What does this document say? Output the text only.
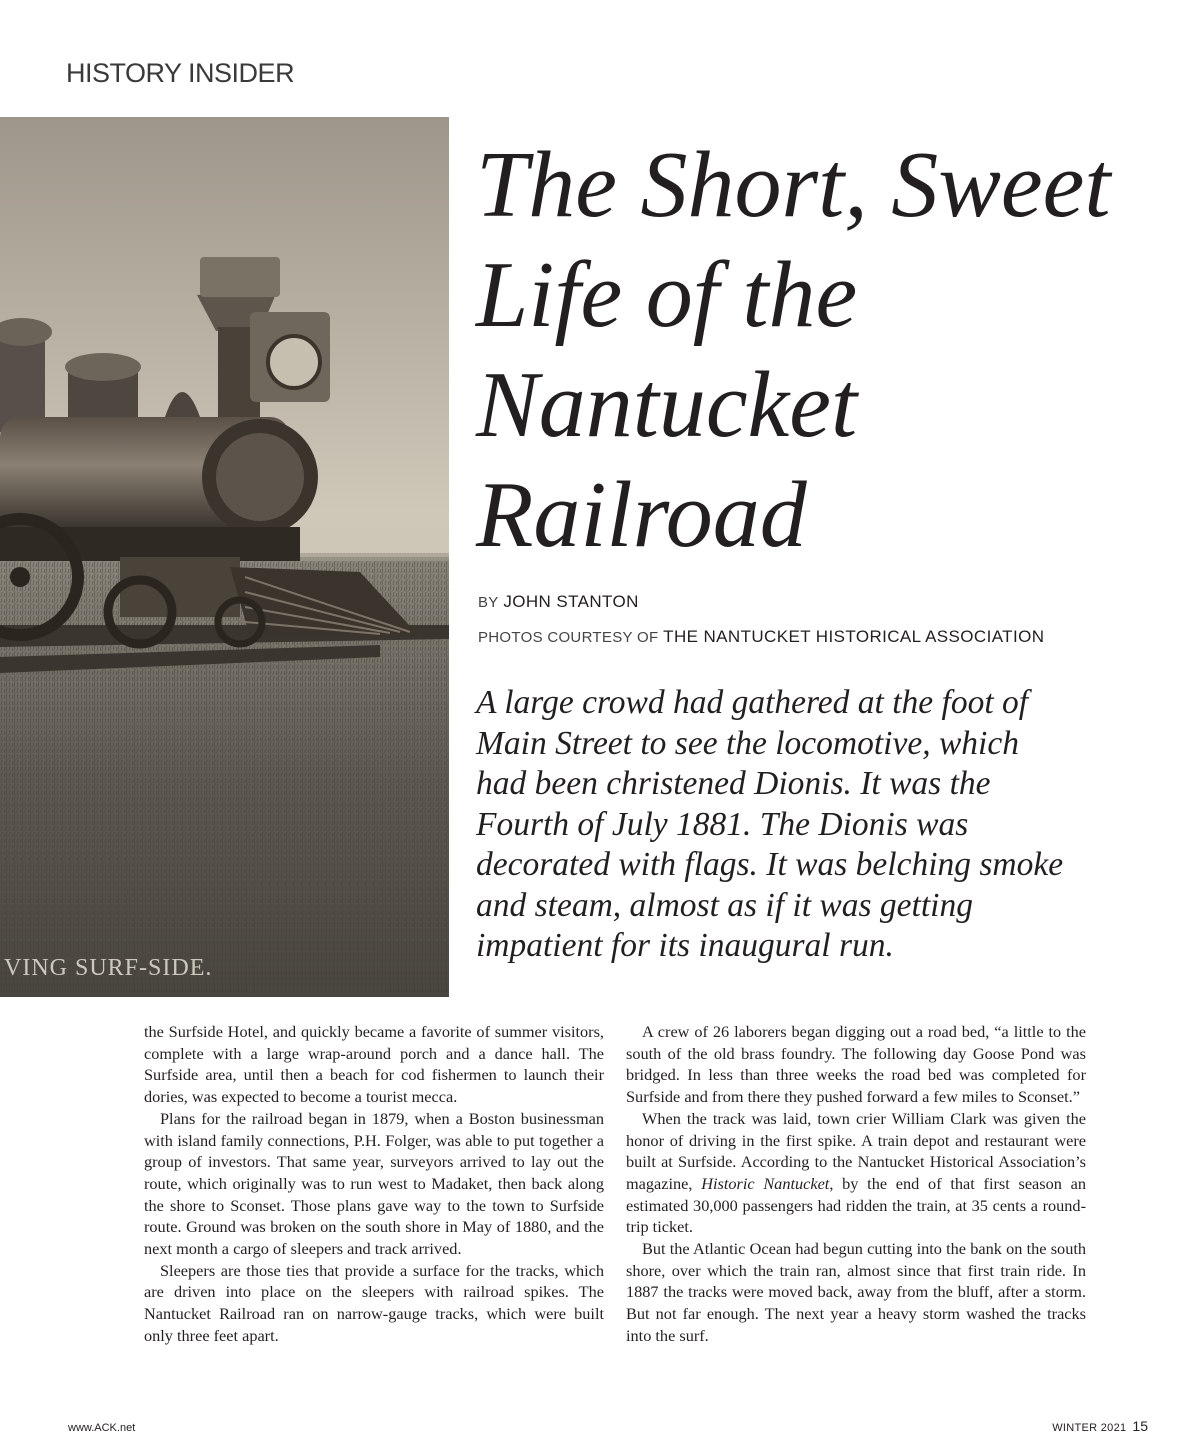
HISTORY INSIDER
VING SURF-SIDE.
The Short, Sweet
Life of the
Nantucket
Railroad
BY JOHN STANTON
PHOTOS COURTESY OF THE NANTUCKET HISTORICAL ASSOCIATION

A large crowd had gathered at the foot of
Main Street to see the locomotive, which
had been christened Dionis. It was the
Fourth of July 1881. The Dionis was
decorated with flags. It was belching smoke
and steam, almost as if it was getting
impatient for its inaugural run.

the Surfside Hotel, and quickly became a favorite of summer visitors, complete with a large wrap-around porch and a dance hall. The Surfside area, until then a beach for cod fishermen to launch their dories, was expected to become a tourist mecca.

Plans for the railroad began in 1879, when a Boston businessman with island family connections, P.H. Folger, was able to put together a group of investors. That same year, surveyors arrived to lay out the route, which originally was to run west to Madaket, then back along the shore to Sconset. Those plans gave way to the town to Surfside route. Ground was broken on the south shore in May of 1880, and the next month a cargo of sleepers and track arrived.

Sleepers are those ties that provide a surface for the tracks, which are driven into place on the sleepers with railroad spikes. The Nantucket Railroad ran on narrow-gauge tracks, which were built only three feet apart.

A crew of 26 laborers began digging out a road bed, “a little to the south of the old brass foundry. The following day Goose Pond was bridged. In less than three weeks the road bed was completed for Surfside and from there they pushed forward a few miles to Sconset.”

When the track was laid, town crier William Clark was given the honor of driving in the first spike. A train depot and restaurant were built at Surfside. According to the Nantucket Historical Association’s magazine, Historic Nantucket, by the end of that first season an estimated 30,000 passengers had ridden the train, at 35 cents a round-trip ticket.

But the Atlantic Ocean had begun cutting into the bank on the south shore, over which the train ran, almost since that first train ride. In 1887 the tracks were moved back, away from the bluff, after a storm. But not far enough. The next year a heavy storm washed the tracks into the surf.

www.ACK.net	WINTER 2021 15
